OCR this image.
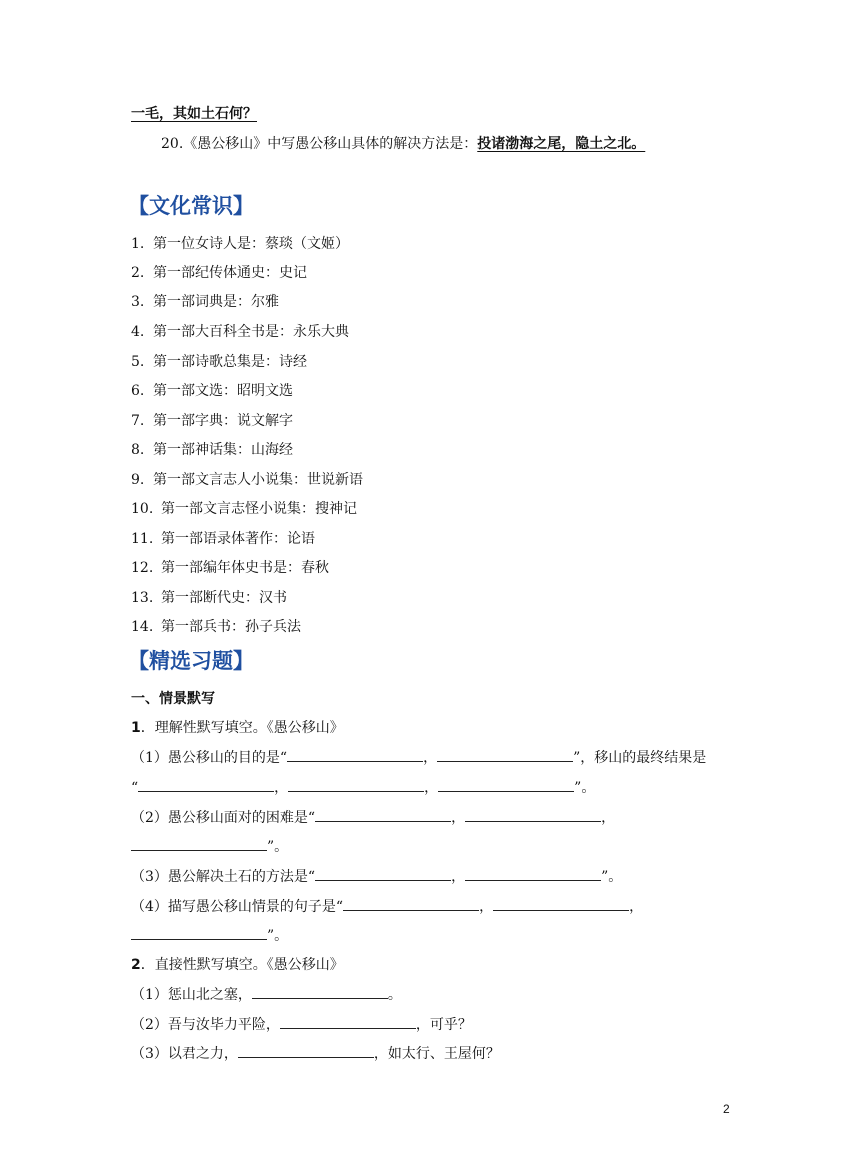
一毛，其如土石何？
20.《愚公移山》中写愚公移山具体的解决方法是：投诸渤海之尾，隐土之北。
【文化常识】
1. 第一位女诗人是：蔡琰（文姬）
2. 第一部纪传体通史：史记
3. 第一部词典是：尔雅
4. 第一部大百科全书是：永乐大典
5. 第一部诗歌总集是：诗经
6. 第一部文选：昭明文选
7. 第一部字典：说文解字
8. 第一部神话集：山海经
9. 第一部文言志人小说集：世说新语
10. 第一部文言志怪小说集：搜神记
11. 第一部语录体著作：论语
12. 第一部编年体史书是：春秋
13. 第一部断代史：汉书
14. 第一部兵书：孙子兵法
【精选习题】
一、情景默写
1．理解性默写填空。《愚公移山》
（1）愚公移山的目的是“	，	”，移山的最终结果是
“	，	，	”。
（2）愚公移山面对的困难是“	，	，
”。
（3）愚公解决土石的方法是“	，	”。
（4）描写愚公移山情景的句子是“	，	，
”。
2．直接性默写填空。《愚公移山》
（1）惩山北之塞，	。
（2）吾与汝毕力平险，	，可乎？
（3）以君之力，	，如太行、王屋何？
2
